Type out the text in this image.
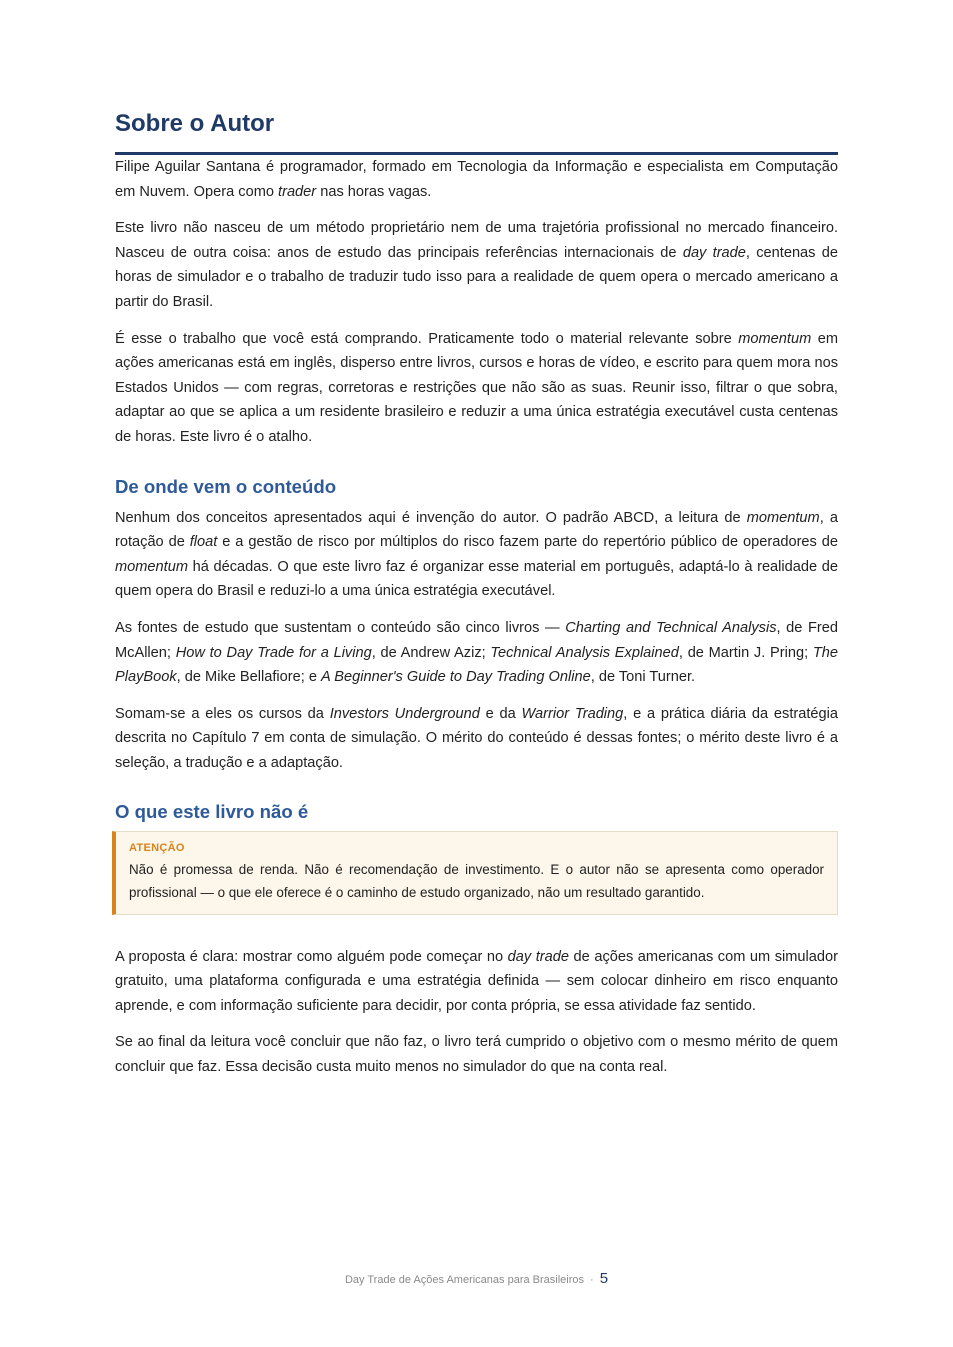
Sobre o Autor

Filipe Aguilar Santana é programador, formado em Tecnologia da Informação e especialista em Computação em Nuvem. Opera como trader nas horas vagas.

Este livro não nasceu de um método proprietário nem de uma trajetória profissional no mercado financeiro. Nasceu de outra coisa: anos de estudo das principais referências internacionais de day trade, centenas de horas de simulador e o trabalho de traduzir tudo isso para a realidade de quem opera o mercado americano a partir do Brasil.

É esse o trabalho que você está comprando. Praticamente todo o material relevante sobre momentum em ações americanas está em inglês, disperso entre livros, cursos e horas de vídeo, e escrito para quem mora nos Estados Unidos — com regras, corretoras e restrições que não são as suas. Reunir isso, filtrar o que sobra, adaptar ao que se aplica a um residente brasileiro e reduzir a uma única estratégia executável custa centenas de horas. Este livro é o atalho.

De onde vem o conteúdo

Nenhum dos conceitos apresentados aqui é invenção do autor. O padrão ABCD, a leitura de momentum, a rotação de float e a gestão de risco por múltiplos do risco fazem parte do repertório público de operadores de momentum há décadas. O que este livro faz é organizar esse material em português, adaptá-lo à realidade de quem opera do Brasil e reduzi-lo a uma única estratégia executável.

As fontes de estudo que sustentam o conteúdo são cinco livros — Charting and Technical Analysis, de Fred McAllen; How to Day Trade for a Living, de Andrew Aziz; Technical Analysis Explained, de Martin J. Pring; The PlayBook, de Mike Bellafiore; e A Beginner's Guide to Day Trading Online, de Toni Turner.

Somam-se a eles os cursos da Investors Underground e da Warrior Trading, e a prática diária da estratégia descrita no Capítulo 7 em conta de simulação. O mérito do conteúdo é dessas fontes; o mérito deste livro é a seleção, a tradução e a adaptação.

O que este livro não é
ATENÇÃO

Não é promessa de renda. Não é recomendação de investimento. E o autor não se apresenta como operador profissional — o que ele oferece é o caminho de estudo organizado, não um resultado garantido.

A proposta é clara: mostrar como alguém pode começar no day trade de ações americanas com um simulador gratuito, uma plataforma configurada e uma estratégia definida — sem colocar dinheiro em risco enquanto aprende, e com informação suficiente para decidir, por conta própria, se essa atividade faz sentido.

Se ao final da leitura você concluir que não faz, o livro terá cumprido o objetivo com o mesmo mérito de quem concluir que faz. Essa decisão custa muito menos no simulador do que na conta real.

Day Trade de Ações Americanas para Brasileiros · 5
